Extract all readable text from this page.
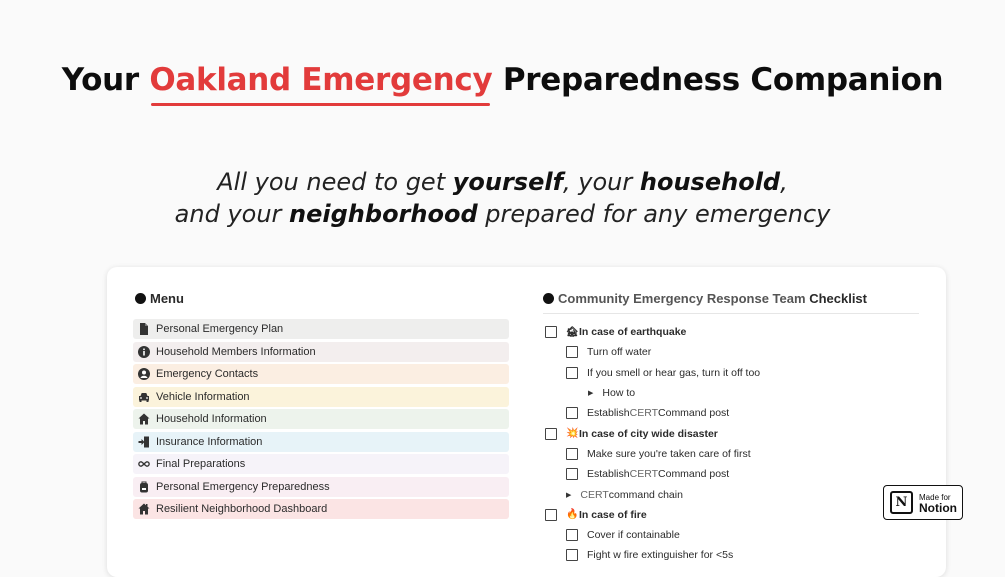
Your Oakland Emergency Preparedness Companion
All you need to get yourself, your household,
and your neighborhood prepared for any emergency
Menu
Personal Emergency Plan
Household Members Information
Emergency Contacts
Vehicle Information
Household Information
Insurance Information
Final Preparations
Personal Emergency Preparedness
Resilient Neighborhood Dashboard
Community Emergency Response Team Checklist
🏚 In case of earthquake
Turn off water
If you smell or hear gas, turn it off too
▶ How to
Establish CERT Command post
💥 In case of city wide disaster
Make sure you're taken care of first
Establish CERT Command post
▶ CERT command chain
🔥 In case of fire
Cover if containable
Fight w fire extinguisher for <5s
N	Made for
Notion
